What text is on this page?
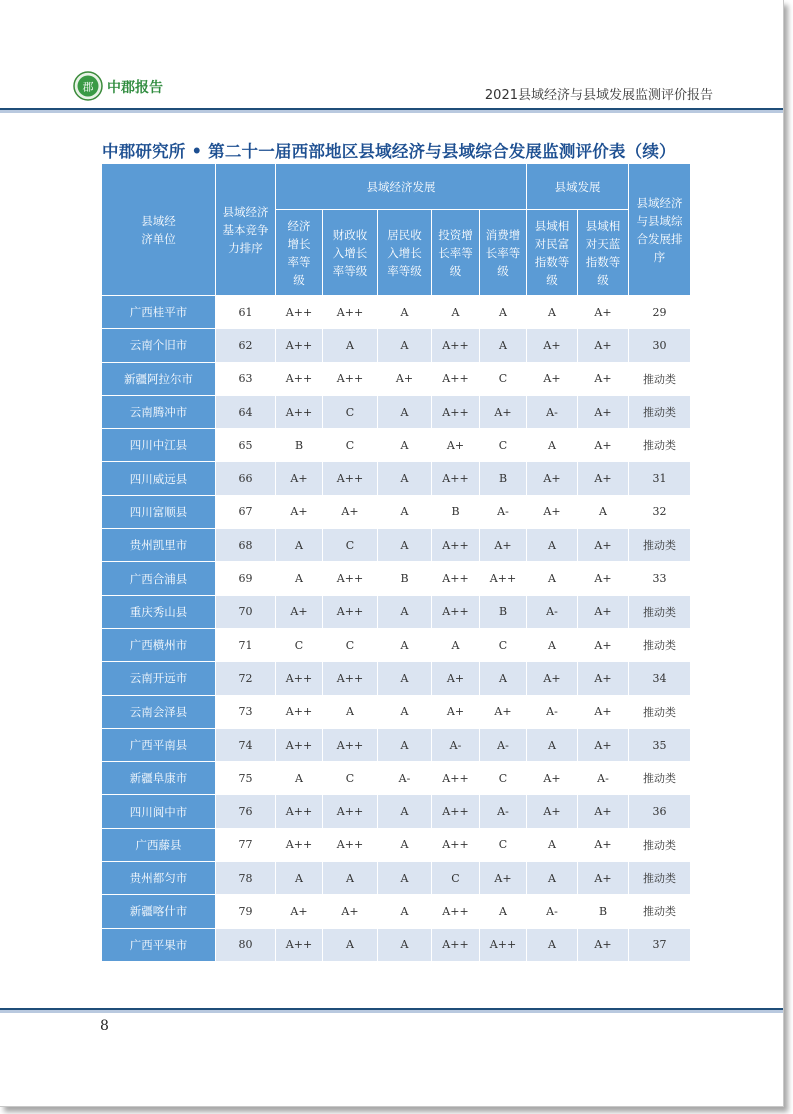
郡 中郡报告	2021县域经济与县域发展监测评价报告
中郡研究所 • 第二十一届西部地区县域经济与县域综合发展监测评价表（续）
县域经济单位	县域经济基本竞争力排序	县域经济发展					县域发展		县域经济与县域综合发展排序

		经济增长率等级	财政收入增长率等级	居民收入增长率等级	投资增长率等级	消费增长率等级	县域相对民富指数等级	县域相对天蓝指数等级	

广西桂平市	61	A++	A++	A	A	A	A	A+	29
云南个旧市	62	A++	A	A	A++	A	A+	A+	30
新疆阿拉尔市	63	A++	A++	A+	A++	C	A+	A+	推动类
云南腾冲市	64	A++	C	A	A++	A+	A-	A+	推动类
四川中江县	65	B	C	A	A+	C	A	A+	推动类
四川威远县	66	A+	A++	A	A++	B	A+	A+	31
四川富顺县	67	A+	A+	A	B	A-	A+	A	32
贵州凯里市	68	A	C	A	A++	A+	A	A+	推动类
广西合浦县	69	A	A++	B	A++	A++	A	A+	33
重庆秀山县	70	A+	A++	A	A++	B	A-	A+	推动类
广西横州市	71	C	C	A	A	C	A	A+	推动类
云南开远市	72	A++	A++	A	A+	A	A+	A+	34
云南会泽县	73	A++	A	A	A+	A+	A-	A+	推动类
广西平南县	74	A++	A++	A	A-	A-	A	A+	35
新疆阜康市	75	A	C	A-	A++	C	A+	A-	推动类
四川阆中市	76	A++	A++	A	A++	A-	A+	A+	36
广西藤县	77	A++	A++	A	A++	C	A	A+	推动类
贵州都匀市	78	A	A	A	C	A+	A	A+	推动类
新疆喀什市	79	A+	A+	A	A++	A	A-	B	推动类
广西平果市	80	A++	A	A	A++	A++	A	A+	37
8
